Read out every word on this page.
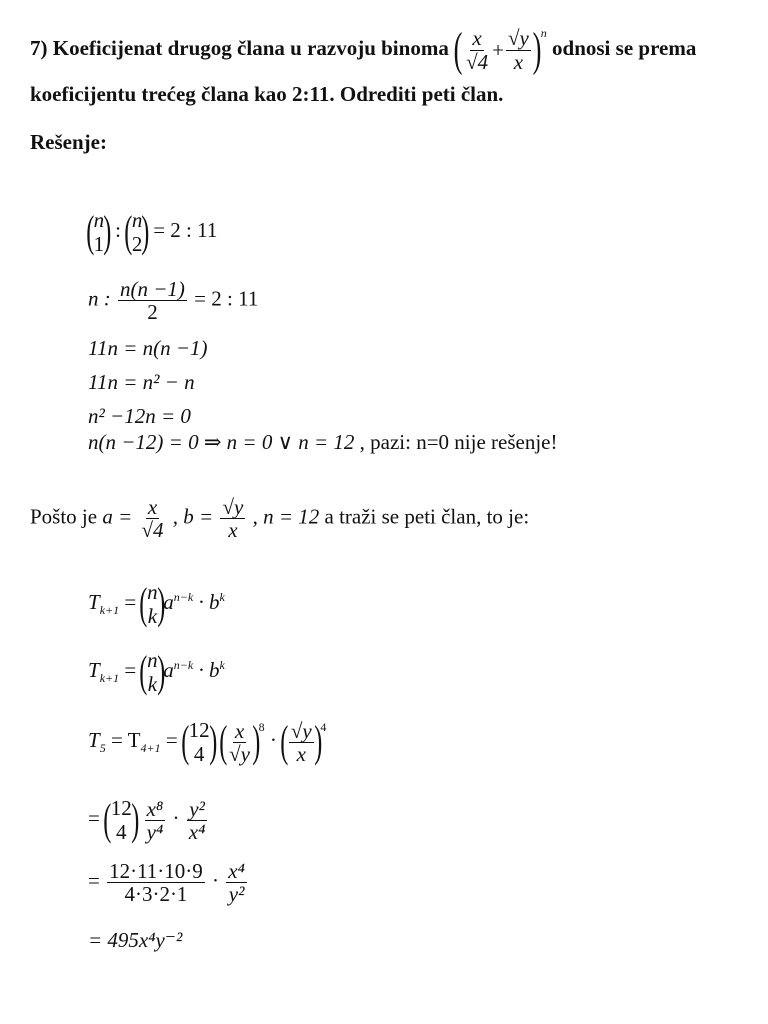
7) Koeficijenat drugog člana u razvoju binoma ( $\frac{x}{√4} + \frac{√y}{x} )^n$
odnosi se prema
koeficijentu trećeg člana kao 2:11. Odrediti peti član.
Rešenje:
( n
1 ) : ( n
2 ) = 2 : 11
n : $\frac{n(n -1)}{2} = 2$ : 11
11n = n(n −1)
11n = n² − n
n² −12n = 0
n(n −12) = 0 ⇒ n = 0 ∨ n = 12 , pazi: n=0 nije rešenje!
Pošto je $a = \frac{x}{√4}$ , $b = \frac{√y}{x}$ , n = 12 a traži se peti član, to je:
$T_{k+1}$ = ( n
k )
$a^{n-k} \cdot b^k$
$T_{k+1}$ = ( n
k )
$a^{n-k} \cdot b^k$
$T_5 = T_{4+1}$ = ( 12
4 )
( $\frac{x}{√y}$ )
8
· ( $\frac{√y}{x}$ )
4
= ( 12
4 )
$\frac{\text{x⁸}}{\text{y⁴}} \cdot \frac{\text{y²}}{\text{x⁴}}$
= $\frac{12\cdot 11\cdot 10\cdot 9}{4\cdot 3\cdot 2\cdot 1} \cdot \frac{\text{x⁴}}{\text{y²}}$
= 495x⁴y⁻²
